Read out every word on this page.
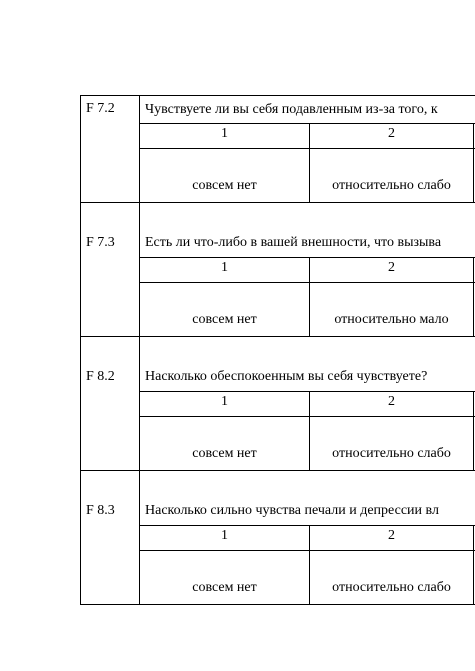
F 7.2	Чувствуете ли вы себя подавленным из-за того, к		
	1	2	
	совсем нет	относительно слабо	
F 7.3	Есть ли что-либо в вашей внешности, что вызыва		
	1	2	
	совсем нет	относительно мало	
F 8.2	Насколько обеспокоенным вы себя чувствуете?		
	1	2	
	совсем нет	относительно слабо	
F 8.3	Насколько сильно чувства печали и депрессии вл		
	1	2	
	совсем нет	относительно слабо	
